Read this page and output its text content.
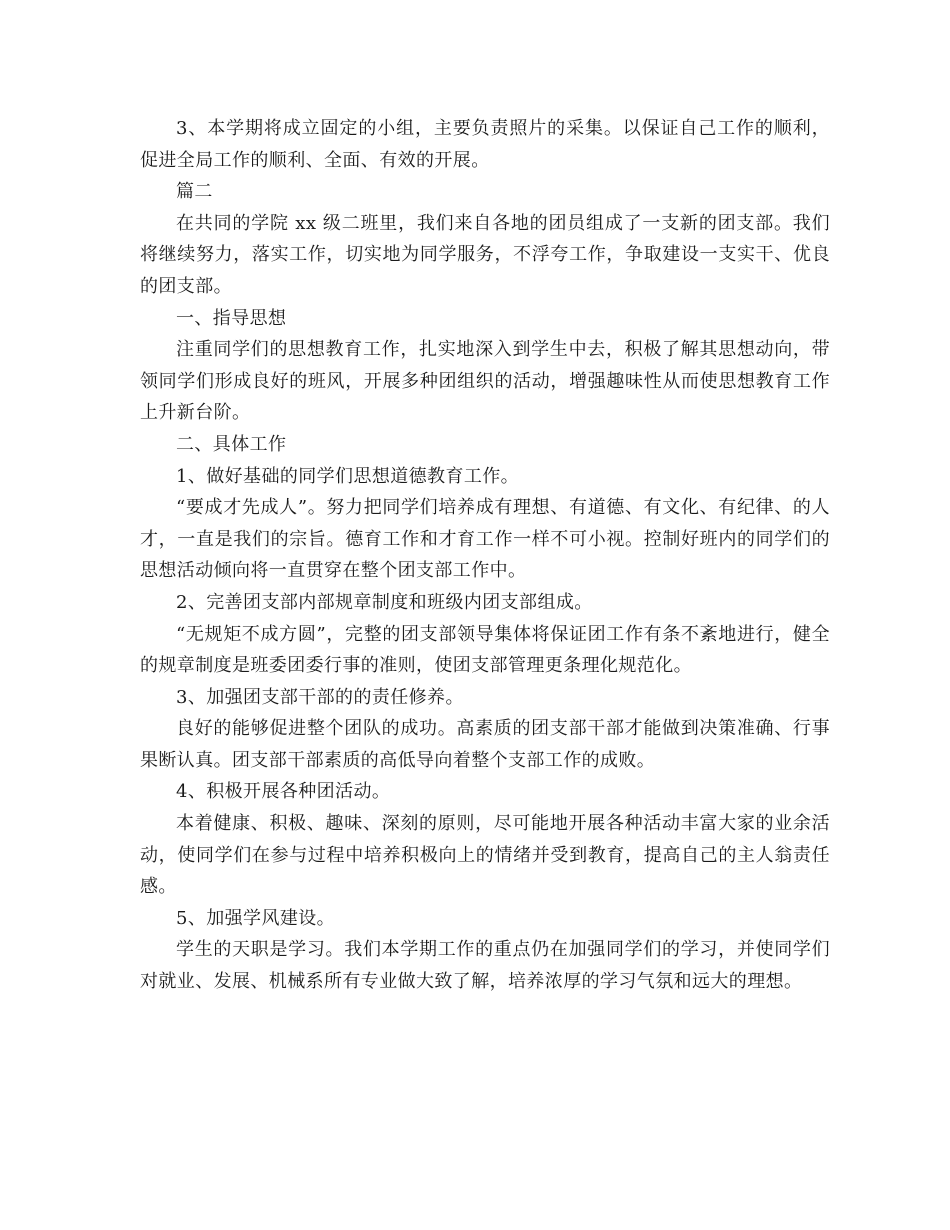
3、本学期将成立固定的小组，主要负责照片的采集。以保证自己工作的顺利，促进全局工作的顺利、全面、有效的开展。

篇二

在共同的学院 xx 级二班里，我们来自各地的团员组成了一支新的团支部。我们将继续努力，落实工作，切实地为同学服务，不浮夸工作，争取建设一支实干、优良的团支部。

一、指导思想

注重同学们的思想教育工作，扎实地深入到学生中去，积极了解其思想动向，带领同学们形成良好的班风，开展多种团组织的活动，增强趣味性从而使思想教育工作上升新台阶。

二、具体工作

1、做好基础的同学们思想道德教育工作。

“要成才先成人”。努力把同学们培养成有理想、有道德、有文化、有纪律、的人才，一直是我们的宗旨。德育工作和才育工作一样不可小视。控制好班内的同学们的思想活动倾向将一直贯穿在整个团支部工作中。

2、完善团支部内部规章制度和班级内团支部组成。

“无规矩不成方圆”，完整的团支部领导集体将保证团工作有条不紊地进行，健全的规章制度是班委团委行事的准则，使团支部管理更条理化规范化。

3、加强团支部干部的的责任修养。

良好的能够促进整个团队的成功。高素质的团支部干部才能做到决策准确、行事果断认真。团支部干部素质的高低导向着整个支部工作的成败。

4、积极开展各种团活动。

本着健康、积极、趣味、深刻的原则，尽可能地开展各种活动丰富大家的业余活动，使同学们在参与过程中培养积极向上的情绪并受到教育，提高自己的主人翁责任感。

5、加强学风建设。

学生的天职是学习。我们本学期工作的重点仍在加强同学们的学习，并使同学们对就业、发展、机械系所有专业做大致了解，培养浓厚的学习气氛和远大的理想。
